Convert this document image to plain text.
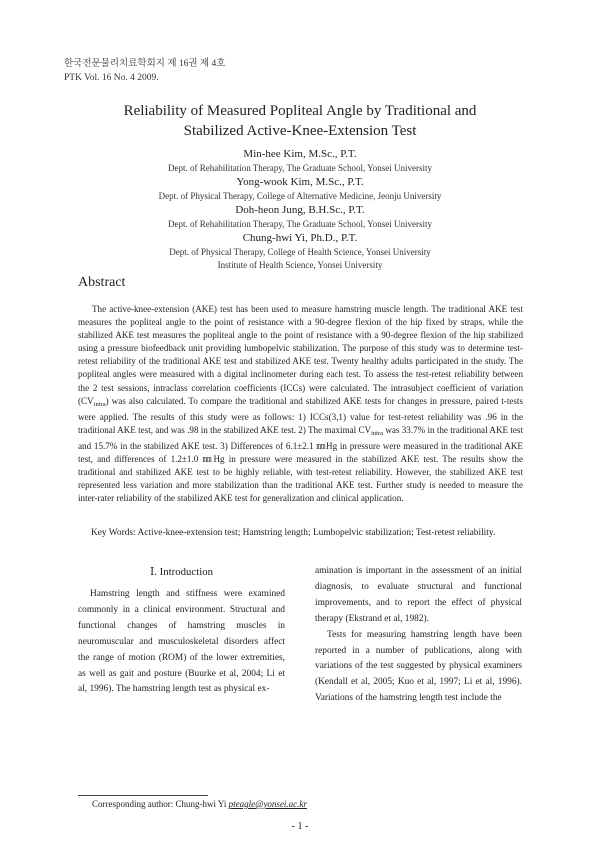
한국전문물리치료학회지 제 16권 제 4호
PTK Vol. 16 No. 4 2009.
Reliability of Measured Popliteal Angle by Traditional and
Stabilized Active-Knee-Extension Test
Min-hee Kim, M.Sc., P.T.
Dept. of Rehabilitation Therapy, The Graduate School, Yonsei University
Yong-wook Kim, M.Sc., P.T.
Dept. of Physical Therapy, College of Alternative Medicine, Jeonju University
Doh-heon Jung, B.H.Sc., P.T.
Dept. of Rehabilitation Therapy, The Graduate School, Yonsei University
Chung-hwi Yi, Ph.D., P.T.
Dept. of Physical Therapy, College of Health Science, Yonsei University
Institute of Health Science, Yonsei University
Abstract
The active-knee-extension (AKE) test has been used to measure hamstring muscle length. The traditional AKE test measures the popliteal angle to the point of resistance with a 90-degree flexion of the hip fixed by straps, while the stabilized AKE test measures the popliteal angle to the point of resistance with a 90-degree flexion of the hip stabilized using a pressure biofeedback unit providing lumbopelvic stabilization. The purpose of this study was to determine test-retest reliability of the traditional AKE test and stabilized AKE test. Twenty healthy adults participated in the study. The popliteal angles were measured with a digital inclinometer during each test. To assess the test-retest reliability between the 2 test sessions, intraclass correlation coefficients (ICCs) were calculated. The intrasubject coefficient of variation $(CV_{intra})$ was also calculated. To compare the traditional and stabilized AKE tests for changes in pressure, paired t-tests were applied. The results of this study were as follows: 1) ICCs(3,1) value for test-retest reliability was .96 in the traditional AKE test, and was .98 in the stabilized AKE test. 2) The maximal $CV_{intra}$ was 33.7% in the traditional AKE test and 15.7% in the stabilized AKE test. 3) Differences of 6.1±2.1 ㎜Hg in pressure were measured in the traditional AKE test, and differences of 1.2±1.0 ㎜Hg in pressure were measured in the stabilized AKE test. The results show the traditional and stabilized AKE test to be highly reliable, with test-retest reliability. However, the stabilized AKE test represented less variation and more stabilization than the traditional AKE test. Further study is needed to measure the inter-rater reliability of the stabilized AKE test for generalization and clinical application.
Key Words: Active-knee-extension test; Hamstring length; Lumbopelvic stabilization; Test-retest reliability.
Ⅰ. Introduction

Hamstring length and stiffness were examined commonly in a clinical environment. Structural and functional changes of hamstring muscles in neuromuscular and musculoskeletal disorders affect the range of motion (ROM) of the lower extremities, as well as gait and posture (Buurke et al, 2004; Li et al, 1996). The hamstring length test as physical ex-

amination is important in the assessment of an initial diagnosis, to evaluate structural and functional improvements, and to report the effect of physical therapy (Ekstrand et al, 1982).

Tests for measuring hamstring length have been reported in a number of publications, along with variations of the test suggested by physical examiners (Kendall et al, 2005; Kuo et al, 1997; Li et al, 1996). Variations of the hamstring length test include the

Corresponding author: Chung-hwi Yi pteagle@yonsei.ac.kr
- 1 -
